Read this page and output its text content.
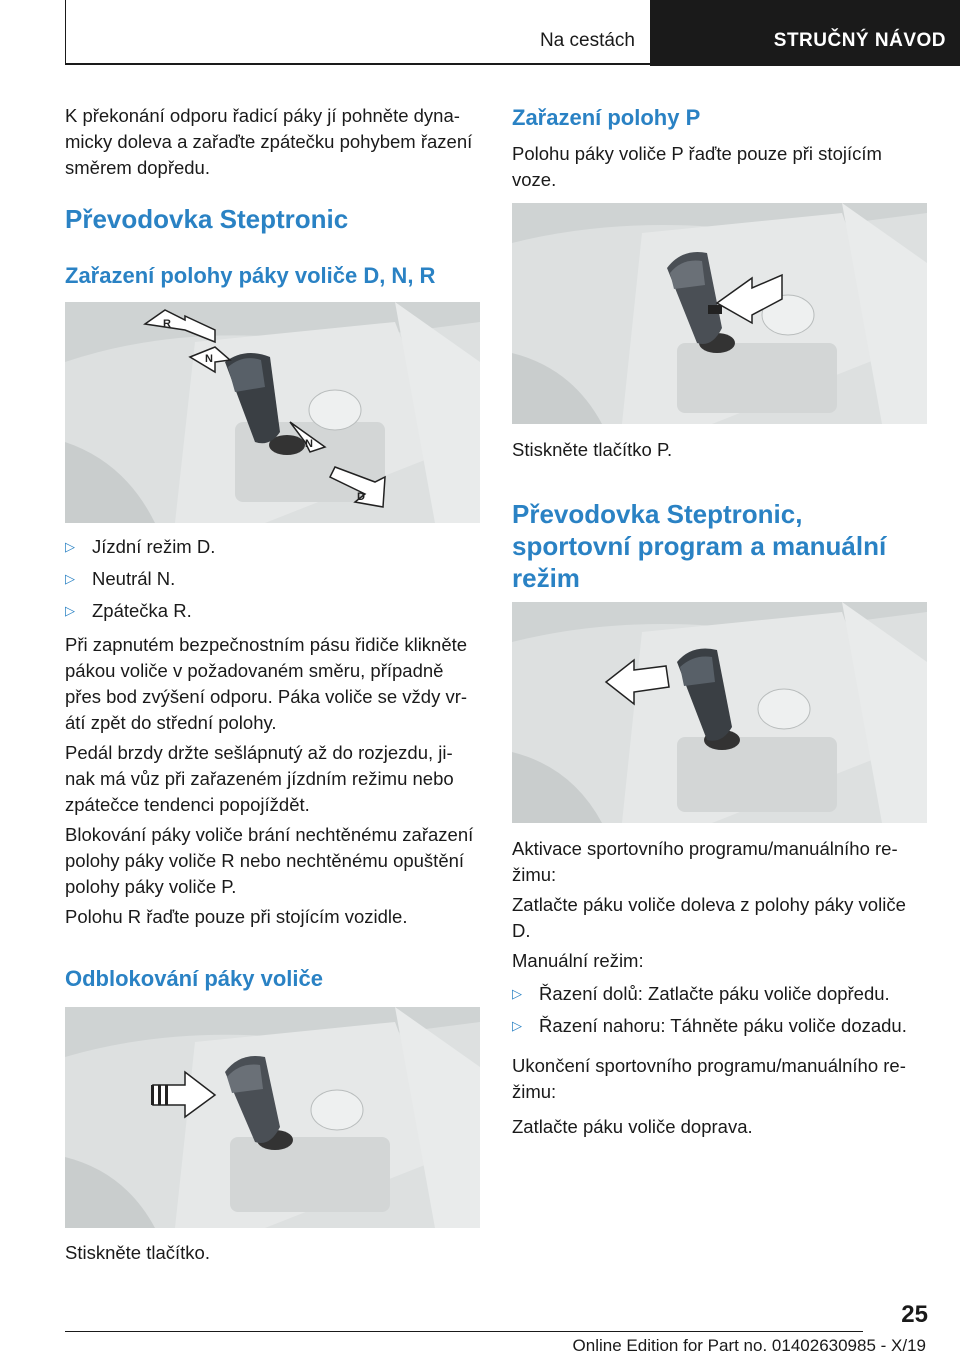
Na cestách	STRUČNÝ NÁVOD

K překonání odporu řadicí páky jí pohněte dyna‐
micky doleva a zařaďte zpátečku pohybem řazení
směrem dopředu.

Převodovka Steptronic
Zařazení polohy páky voliče D, N, R
R
N
N
D
▷ Jízdní režim D.
▷ Neutrál N.
▷ Zpátečka R.

Při zapnutém bezpečnostním pásu řidiče klikněte
pákou voliče v požadovaném směru, případně
přes bod zvýšení odporu. Páka voliče se vždy vr‐
átí zpět do střední polohy.

Pedál brzdy držte sešlápnutý až do rozjezdu, ji‐
nak má vůz při zařazeném jízdním režimu nebo
zpátečce tendenci popojíždět.

Blokování páky voliče brání nechtěnému zařazení
polohy páky voliče R nebo nechtěnému opuštění
polohy páky voliče P.

Polohu R řaďte pouze při stojícím vozidle.

Odblokování páky voliče

Stiskněte tlačítko.

Zařazení polohy P

Polohu páky voliče P řaďte pouze při stojícím
voze.

Stiskněte tlačítko P.

Převodovka Steptronic,
sportovní program a manuální
režim

Aktivace sportovního programu/manuálního re‐
žimu:

Zatlačte páku voliče doleva z polohy páky voliče
D.

Manuální režim:

▷ Řazení dolů: Zatlačte páku voliče dopředu.
▷ Řazení nahoru: Táhněte páku voliče dozadu.

Ukončení sportovního programu/manuálního re‐
žimu:

Zatlačte páku voliče doprava.

25
Online Edition for Part no. 01402630985 - X/19
